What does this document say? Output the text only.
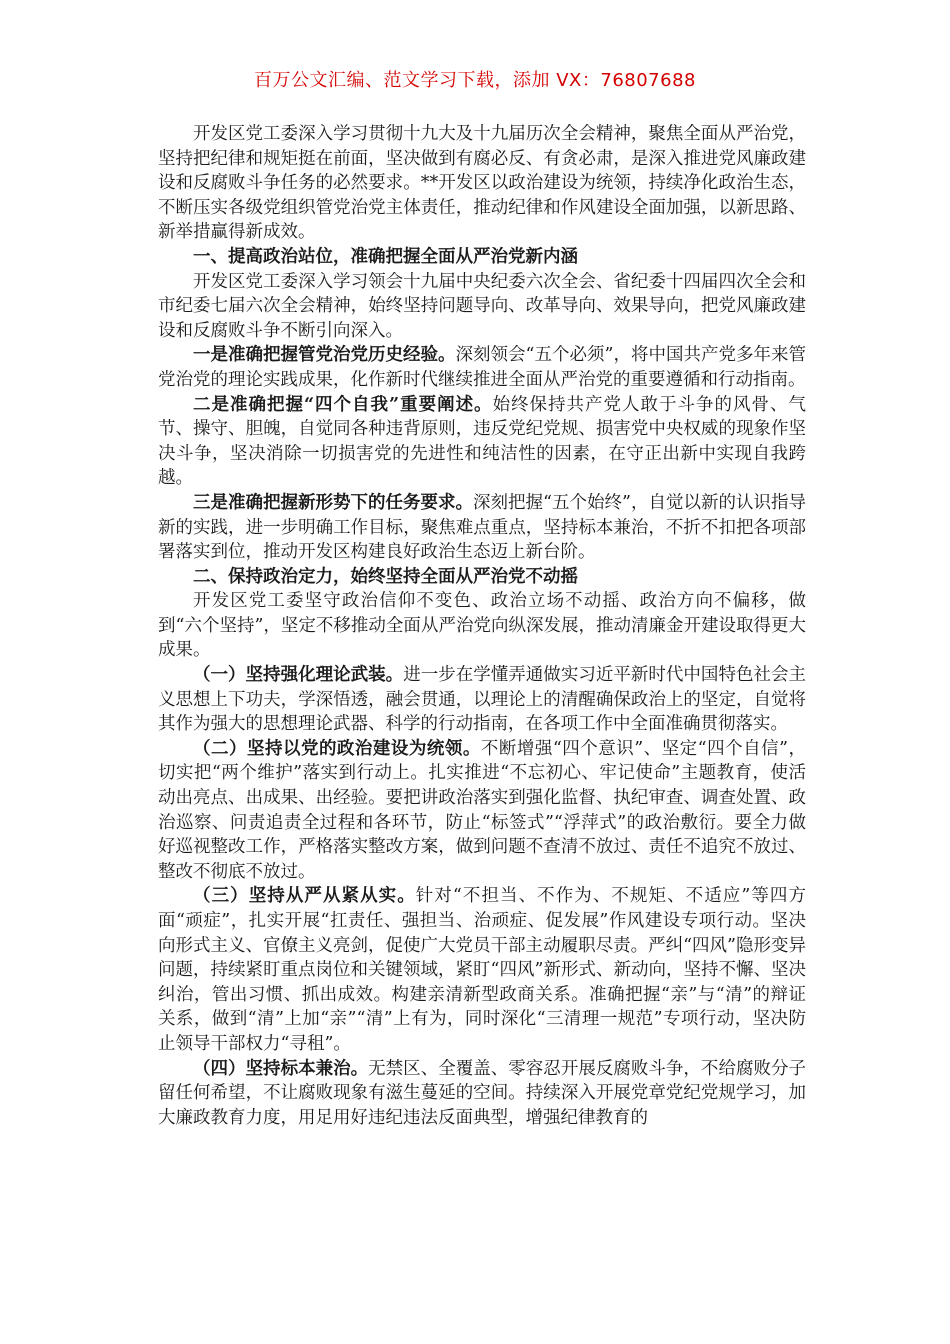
百万公文汇编、范文学习下载，添加 VX：76807688

开发区党工委深入学习贯彻十九大及十九届历次全会精神，聚焦全面从严治党，坚持把纪律和规矩挺在前面，坚决做到有腐必反、有贪必肃，是深入推进党风廉政建设和反腐败斗争任务的必然要求。**开发区以政治建设为统领，持续净化政治生态，不断压实各级党组织管党治党主体责任，推动纪律和作风建设全面加强，以新思路、新举措赢得新成效。

一、提高政治站位，准确把握全面从严治党新内涵

开发区党工委深入学习领会十九届中央纪委六次全会、省纪委十四届四次全会和市纪委七届六次全会精神，始终坚持问题导向、改革导向、效果导向，把党风廉政建设和反腐败斗争不断引向深入。

一是准确把握管党治党历史经验。深刻领会“五个必须”，将中国共产党多年来管党治党的理论实践成果，化作新时代继续推进全面从严治党的重要遵循和行动指南。

二是准确把握“四个自我”重要阐述。始终保持共产党人敢于斗争的风骨、气节、操守、胆魄，自觉同各种违背原则，违反党纪党规、损害党中央权威的现象作坚决斗争，坚决消除一切损害党的先进性和纯洁性的因素，在守正出新中实现自我跨越。

三是准确把握新形势下的任务要求。深刻把握“五个始终”，自觉以新的认识指导新的实践，进一步明确工作目标，聚焦难点重点，坚持标本兼治，不折不扣把各项部署落实到位，推动开发区构建良好政治生态迈上新台阶。

二、保持政治定力，始终坚持全面从严治党不动摇

开发区党工委坚守政治信仰不变色、政治立场不动摇、政治方向不偏移，做到“六个坚持”，坚定不移推动全面从严治党向纵深发展，推动清廉金开建设取得更大成果。

（一）坚持强化理论武装。进一步在学懂弄通做实习近平新时代中国特色社会主义思想上下功夫，学深悟透，融会贯通，以理论上的清醒确保政治上的坚定，自觉将其作为强大的思想理论武器、科学的行动指南，在各项工作中全面准确贯彻落实。

（二）坚持以党的政治建设为统领。不断增强“四个意识”、坚定“四个自信”，切实把“两个维护”落实到行动上。扎实推进“不忘初心、牢记使命”主题教育，使活动出亮点、出成果、出经验。要把讲政治落实到强化监督、执纪审查、调查处置、政治巡察、问责追责全过程和各环节，防止“标签式”“浮萍式”的政治敷衍。要全力做好巡视整改工作，严格落实整改方案，做到问题不查清不放过、责任不追究不放过、整改不彻底不放过。

（三）坚持从严从紧从实。针对“不担当、不作为、不规矩、不适应”等四方面“顽症”，扎实开展“扛责任、强担当、治顽症、促发展”作风建设专项行动。坚决向形式主义、官僚主义亮剑，促使广大党员干部主动履职尽责。严纠“四风”隐形变异问题，持续紧盯重点岗位和关键领域，紧盯“四风”新形式、新动向，坚持不懈、坚决纠治，管出习惯、抓出成效。构建亲清新型政商关系。准确把握“亲”与“清”的辩证关系，做到“清”上加“亲”“清”上有为，同时深化“三清理一规范”专项行动，坚决防止领导干部权力“寻租”。

（四）坚持标本兼治。无禁区、全覆盖、零容忍开展反腐败斗争，不给腐败分子留任何希望，不让腐败现象有滋生蔓延的空间。持续深入开展党章党纪党规学习，加大廉政教育力度，用足用好违纪违法反面典型，增强纪律教育的
